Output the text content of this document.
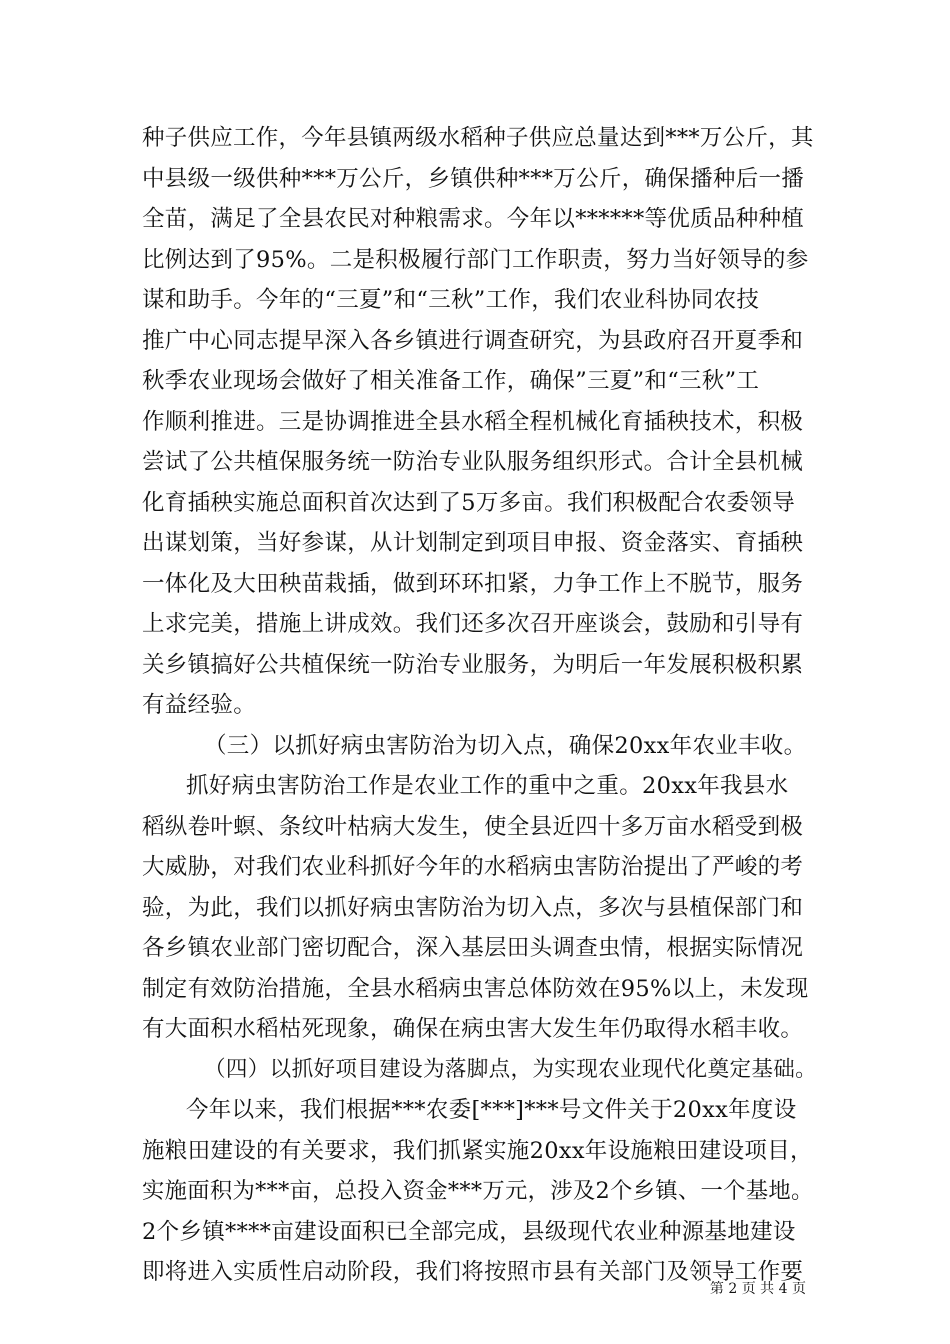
种子供应工作，今年县镇两级水稻种子供应总量达到***万公斤，其
中县级一级供种***万公斤，乡镇供种***万公斤，确保播种后一播
全苗，满足了全县农民对种粮需求。今年以******等优质品种种植
比例达到了95%。二是积极履行部门工作职责，努力当好领导的参
谋和助手。今年的“三夏”和“三秋”工作，我们农业科协同农技
推广中心同志提早深入各乡镇进行调查研究，为县政府召开夏季和
秋季农业现场会做好了相关准备工作，确保”三夏”和“三秋”工
作顺利推进。三是协调推进全县水稻全程机械化育插秧技术，积极
尝试了公共植保服务统一防治专业队服务组织形式。合计全县机械
化育插秧实施总面积首次达到了5万多亩。我们积极配合农委领导
出谋划策，当好参谋，从计划制定到项目申报、资金落实、育插秧
一体化及大田秧苗栽插，做到环环扣紧，力争工作上不脱节，服务
上求完美，措施上讲成效。我们还多次召开座谈会，鼓励和引导有
关乡镇搞好公共植保统一防治专业服务，为明后一年发展积极积累
有益经验。
（三）以抓好病虫害防治为切入点，确保20xx年农业丰收。
抓好病虫害防治工作是农业工作的重中之重。20xx年我县水
稻纵卷叶螟、条纹叶枯病大发生，使全县近四十多万亩水稻受到极
大威胁，对我们农业科抓好今年的水稻病虫害防治提出了严峻的考
验，为此，我们以抓好病虫害防治为切入点，多次与县植保部门和
各乡镇农业部门密切配合，深入基层田头调查虫情，根据实际情况
制定有效防治措施，全县水稻病虫害总体防效在95%以上，未发现
有大面积水稻枯死现象，确保在病虫害大发生年仍取得水稻丰收。
（四）以抓好项目建设为落脚点，为实现农业现代化奠定基础。
今年以来，我们根据***农委[***]***号文件关于20xx年度设
施粮田建设的有关要求，我们抓紧实施20xx年设施粮田建设项目，
实施面积为***亩，总投入资金***万元，涉及2个乡镇、一个基地。
2个乡镇****亩建设面积已全部完成，县级现代农业种源基地建设
即将进入实质性启动阶段，我们将按照市县有关部门及领导工作要
第 2 页 共 4 页
